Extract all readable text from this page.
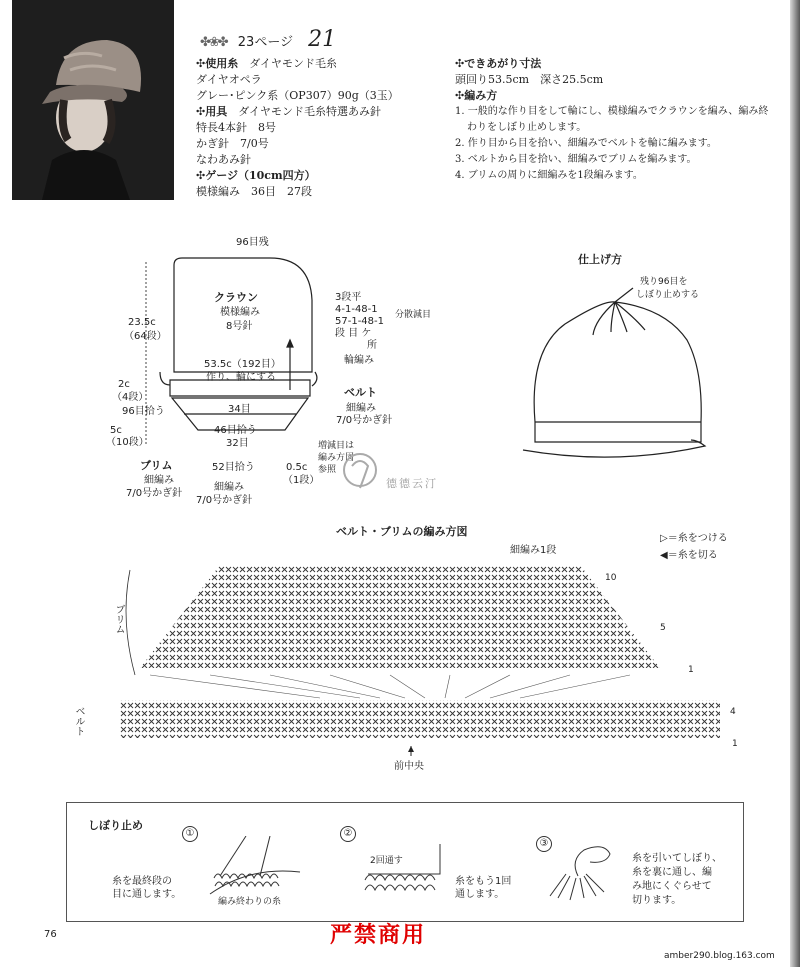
✤❀✤ 23ページ 21
✣使用糸　 ダイヤモンド毛糸
ダイヤオペラ
グレー･ピンク系（OP307）90g（3玉）
✣用具　 ダイヤモンド毛糸特選あみ針
特長4本針　8号
かぎ針　7/0号
なわあみ針
✣ゲージ（10cm四方）
模様編み　36目　27段
✣できあがり寸法
頭回り53.5cm　深さ25.5cm
✣編み方
1. 一般的な作り目をして輪にし、模様編みでクラウンを編み、編み終
わりをしぼり止めします。
2. 作り目から目を拾い、細編みでベルトを輪に編みます。
3. ベルトから目を拾い、細編みでブリムを編みます。
4. ブリムの周りに細編みを1段編みます。
96目残
クラウン
模様編み
8号針
23.5c
（64段）
3段平
4-1-48-1
57-1-48-1
段 目 ケ
所
分散減目
53.5c（192目）
作り、輪にする
輪編み
ベルト
細編み
7/0号かぎ針
2c
（4段）
96目拾う	34目
5c
（10段）
46目拾う
32目
ブリム
細編み
7/0号かぎ針
52目拾う
細編み
7/0号かぎ針
0.5c
（1段）
増減目は
編み方図
参照
德德云汀
仕上げ方
残り96目を
しぼり止めする
ベルト・ブリムの編み方図
細編み1段
▷＝糸をつける
◀＝糸を切る
ブリム
ベルト
前中央
10
5
1
4
1
しぼり止め
①	②
③
糸を最終段の
目に通します。
編み終わりの糸
2回通す
糸をもう1回
通します。
糸を引いてしぼり、
糸を裏に通し、編
み地にくぐらせて
切ります。
76	严禁商用
amber290.blog.163.com
